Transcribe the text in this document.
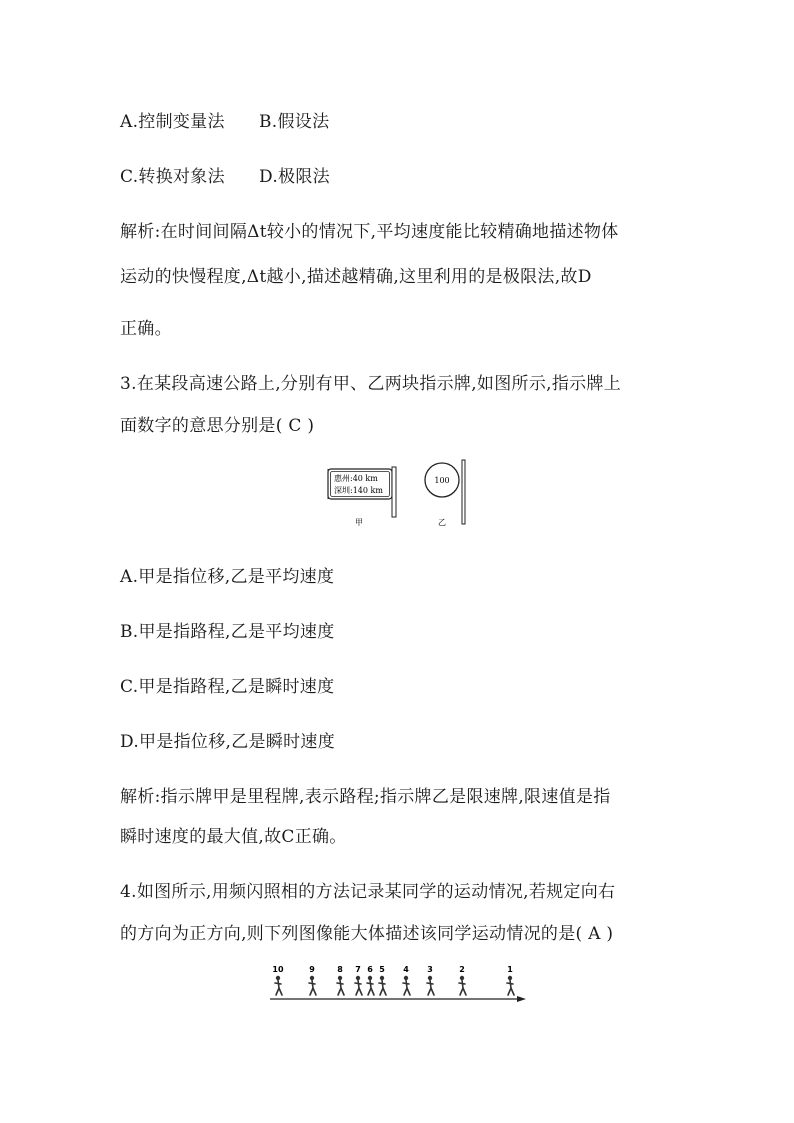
A.控制变量法 B.假设法
C.转换对象法 D.极限法
解析:在时间间隔Δt较小的情况下,平均速度能比较精确地描述物体
运动的快慢程度,Δt越小,描述越精确,这里利用的是极限法,故D
正确。
3.在某段高速公路上,分别有甲、乙两块指示牌,如图所示,指示牌上
面数字的意思分别是( C )
惠州:40 km
深圳:140 km
甲
100
乙
A.甲是指位移,乙是平均速度
B.甲是指路程,乙是平均速度
C.甲是指路程,乙是瞬时速度
D.甲是指位移,乙是瞬时速度
解析:指示牌甲是里程牌,表示路程;指示牌乙是限速牌,限速值是指
瞬时速度的最大值,故C正确。
4.如图所示,用频闪照相的方法记录某同学的运动情况,若规定向右
的方向为正方向,则下列图像能大体描述该同学运动情况的是( A )
10	9	8 7 6 5 4 3	2	1
